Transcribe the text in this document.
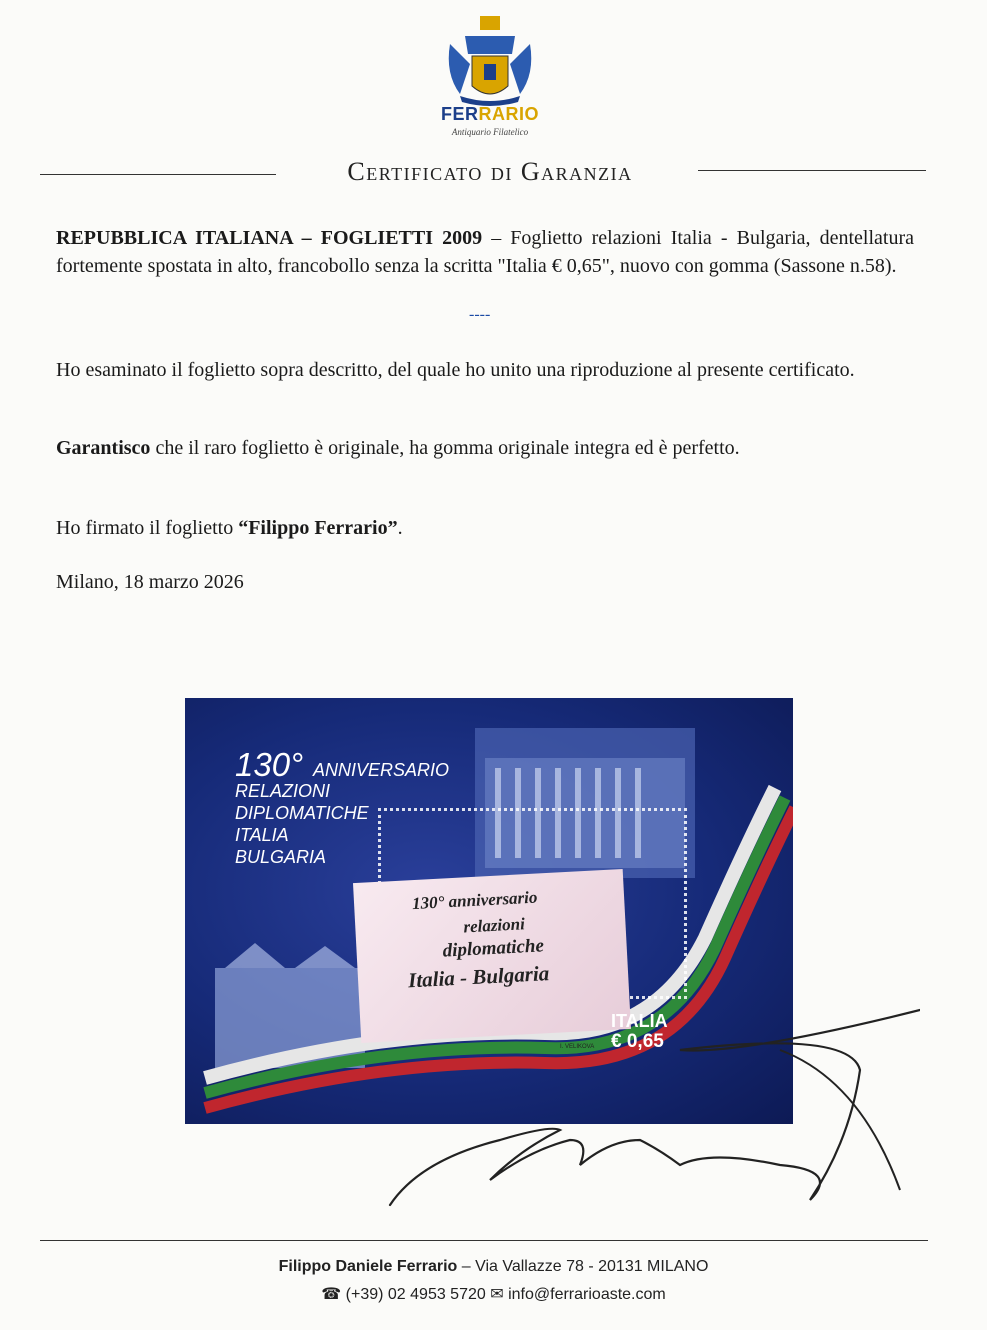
FERRARIO
Antiquario Filatelico
Certificato di Garanzia
REPUBBLICA ITALIANA – FOGLIETTI 2009 – Foglietto relazioni Italia - Bulgaria, dentellatura fortemente spostata in alto, francobollo senza la scritta "Italia € 0,65", nuovo con gomma (Sassone n.58).
----
Ho esaminato il foglietto sopra descritto, del quale ho unito una riproduzione al presente certificato.
Garantisco che il raro foglietto è originale, ha gomma originale integra ed è perfetto.
Ho firmato il foglietto “Filippo Ferrario”.
Milano, 18 marzo 2026
130° anniversario
relazioni
diplomatiche
Italia - Bulgaria
130° ANNIVERSARIO
RELAZIONI
DIPLOMATICHE
ITALIA
BULGARIA
ITALIA
€ 0,65
I. VELIKOVA
Filippo Daniele Ferrario – Via Vallazze 78 - 20131 MILANO
☎ (+39) 02 4953 5720 ✉ info@ferrarioaste.com
